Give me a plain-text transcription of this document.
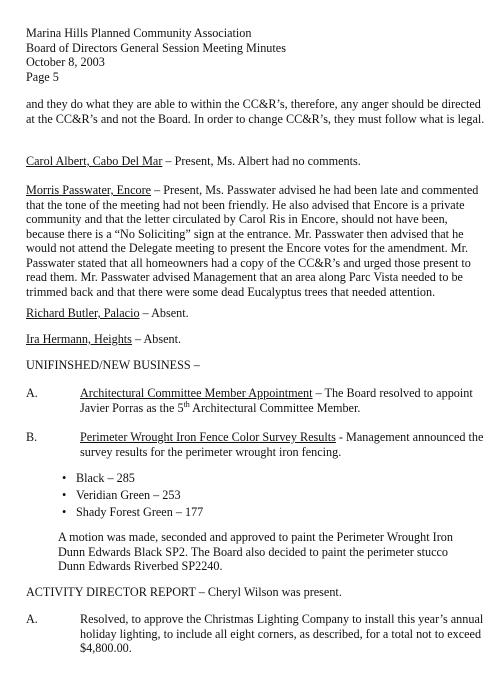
Marina Hills Planned Community Association
Board of Directors General Session Meeting Minutes
October 8, 2003
Page 5
and they do what they are able to within the CC&R’s, therefore, any anger should be directed at the CC&R’s and not the Board. In order to change CC&R’s, they must follow what is legal.
Carol Albert, Cabo Del Mar – Present, Ms. Albert had no comments.
Morris Passwater, Encore – Present, Ms. Passwater advised he had been late and commented that the tone of the meeting had not been friendly. He also advised that Encore is a private community and that the letter circulated by Carol Ris in Encore, should not have been, because there is a “No Soliciting” sign at the entrance. Mr. Passwater then advised that he would not attend the Delegate meeting to present the Encore votes for the amendment. Mr. Passwater stated that all homeowners had a copy of the CC&R’s and urged those present to read them. Mr. Passwater advised Management that an area along Parc Vista needed to be trimmed back and that there were some dead Eucalyptus trees that needed attention.
Richard Butler, Palacio – Absent.
Ira Hermann, Heights – Absent.
UNIFINSHED/NEW BUSINESS –
A.	Architectural Committee Member Appointment – The Board resolved to appoint Javier Porras as the 5th Architectural Committee Member.
B.	Perimeter Wrought Iron Fence Color Survey Results - Management announced the survey results for the perimeter wrought iron fencing.
• Black – 285
• Veridian Green – 253
• Shady Forest Green – 177
A motion was made, seconded and approved to paint the Perimeter Wrought Iron Dunn Edwards Black SP2. The Board also decided to paint the perimeter stucco Dunn Edwards Riverbed SP2240.
ACTIVITY DIRECTOR REPORT – Cheryl Wilson was present.
A.	Resolved, to approve the Christmas Lighting Company to install this year’s annual holiday lighting, to include all eight corners, as described, for a total not to exceed $4,800.00.
